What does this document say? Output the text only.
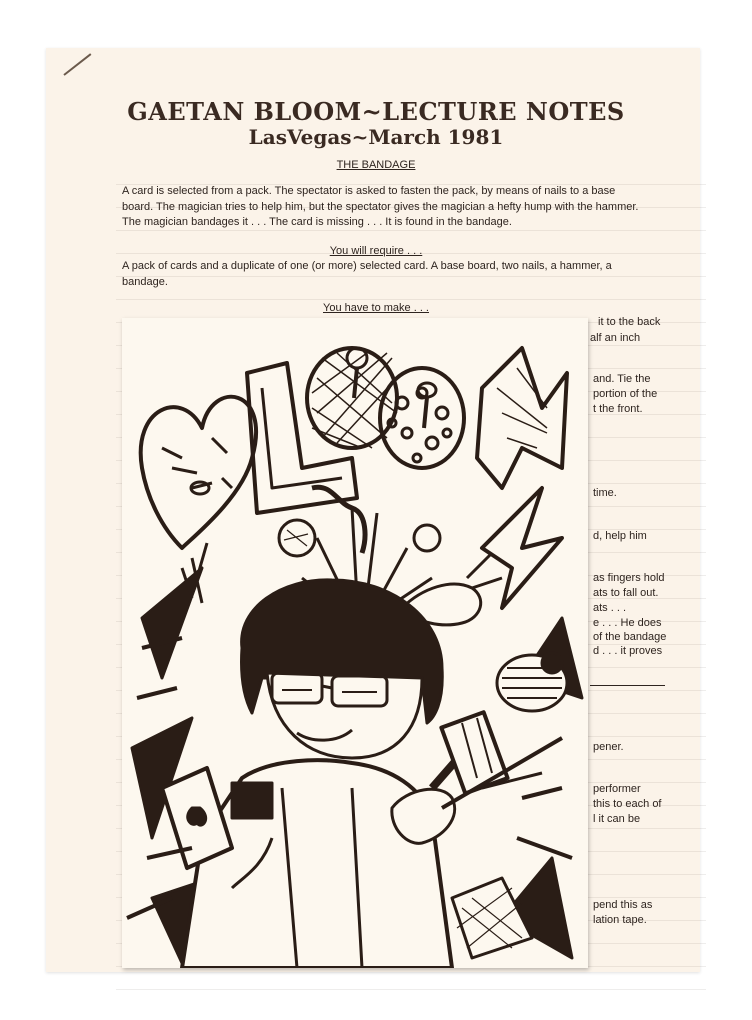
GAETAN BLOOM~LECTURE NOTES
LasVegas~March 1981
THE BANDAGE

A card is selected from a pack. The spectator is asked to fasten the pack, by means of nails to a base board. The magician tries to help him, but the spectator gives the magician a hefty hump with the hammer. The magician bandages it . . . The card is missing . . . It is found in the bandage.

You will require . . .

A pack of cards and a duplicate of one (or more) selected card. A base board, two nails, a hammer, a bandage.

You have to make . . .
it to the back
alf an inch
and. Tie the
portion of the
t the front.
time.
d, help him
as fingers hold
ats to fall out.
ats . . .
e . . . He does
of the bandage
d . . . it proves
pener.
performer
this to each of
l it can be
pend this as
lation tape.
